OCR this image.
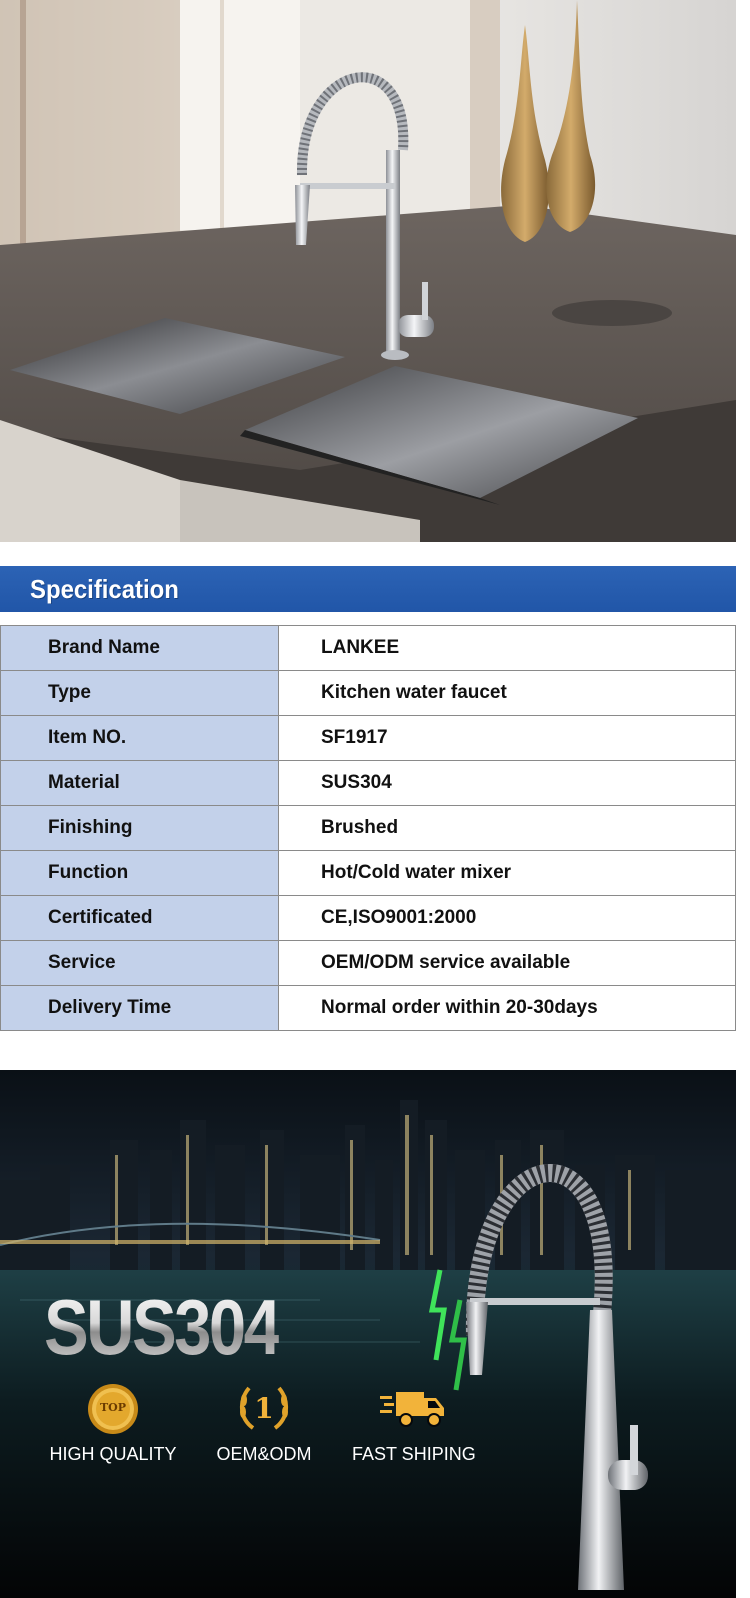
Specification
Brand Name	LANKEE
Type	Kitchen water faucet
Item NO.	SF1917
Material	SUS304
Finishing	Brushed
Function	Hot/Cold water mixer
Certificated	CE,ISO9001:2000
Service	OEM/ODM service available
Delivery Time	Normal order within 20-30days
SUS304
TOP
HIGH QUALITY
1
OEM&ODM FAST SHIPING
